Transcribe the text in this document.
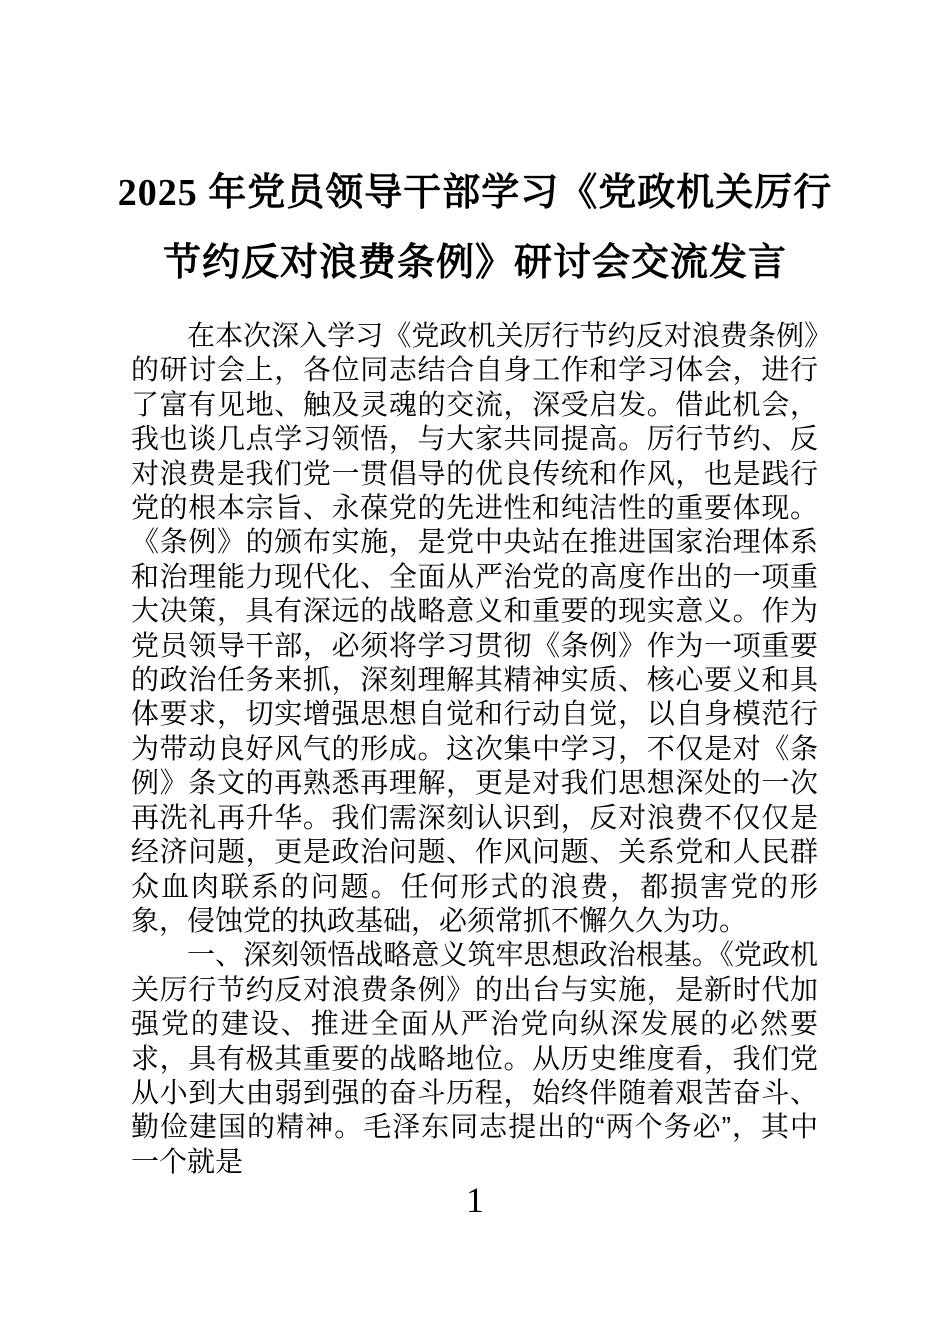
2025 年党员领导干部学习《党政机关厉行
节约反对浪费条例》研讨会交流发言

在本次深入学习《党政机关厉行节约反对浪费条例》的研讨会上，各位同志结合自身工作和学习体会，进行了富有见地、触及灵魂的交流，深受启发。借此机会，我也谈几点学习领悟，与大家共同提高。厉行节约、反对浪费是我们党一贯倡导的优良传统和作风，也是践行党的根本宗旨、永葆党的先进性和纯洁性的重要体现。《条例》的颁布实施，是党中央站在推进国家治理体系和治理能力现代化、全面从严治党的高度作出的一项重大决策，具有深远的战略意义和重要的现实意义。作为党员领导干部，必须将学习贯彻《条例》作为一项重要的政治任务来抓，深刻理解其精神实质、核心要义和具体要求，切实增强思想自觉和行动自觉，以自身模范行为带动良好风气的形成。这次集中学习，不仅是对《条例》条文的再熟悉再理解，更是对我们思想深处的一次再洗礼再升华。我们需深刻认识到，反对浪费不仅仅是经济问题，更是政治问题、作风问题、关系党和人民群众血肉联系的问题。任何形式的浪费，都损害党的形象，侵蚀党的执政基础，必须常抓不懈久久为功。

一、深刻领悟战略意义筑牢思想政治根基。《党政机关厉行节约反对浪费条例》的出台与实施，是新时代加强党的建设、推进全面从严治党向纵深发展的必然要求，具有极其重要的战略地位。从历史维度看，我们党从小到大由弱到强的奋斗历程，始终伴随着艰苦奋斗、勤俭建国的精神。毛泽东同志提出的“两个务必”，其中一个就是

1
